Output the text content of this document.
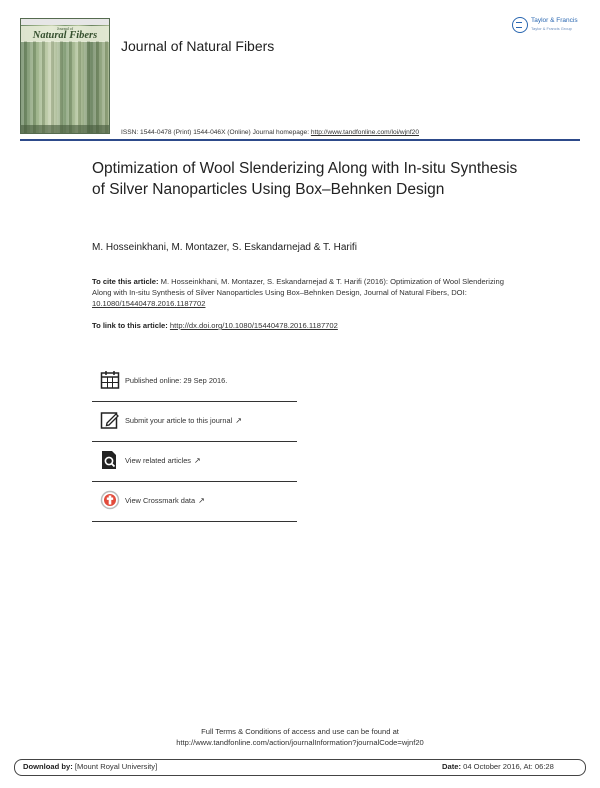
Journal of
Natural Fibers
Journal of Natural Fibers
Taylor & Francis
Taylor & Francis Group
ISSN: 1544-0478 (Print) 1544-046X (Online) Journal homepage: http://www.tandfonline.com/loi/wjnf20
Optimization of Wool Slenderizing Along with In-situ Synthesis of Silver Nanoparticles Using Box–Behnken Design
M. Hosseinkhani, M. Montazer, S. Eskandarnejad & T. Harifi
To cite this article: M. Hosseinkhani, M. Montazer, S. Eskandarnejad & T. Harifi (2016): Optimization of Wool Slenderizing Along with In-situ Synthesis of Silver Nanoparticles Using Box–Behnken Design, Journal of Natural Fibers, DOI: 10.1080/15440478.2016.1187702
To link to this article: http://dx.doi.org/10.1080/15440478.2016.1187702
Published online: 29 Sep 2016.
Submit your article to this journal ↗
View related articles ↗
View Crossmark data ↗
Full Terms & Conditions of access and use can be found at
http://www.tandfonline.com/action/journalInformation?journalCode=wjnf20
Download by: [Mount Royal University]	Date: 04 October 2016, At: 06:28
